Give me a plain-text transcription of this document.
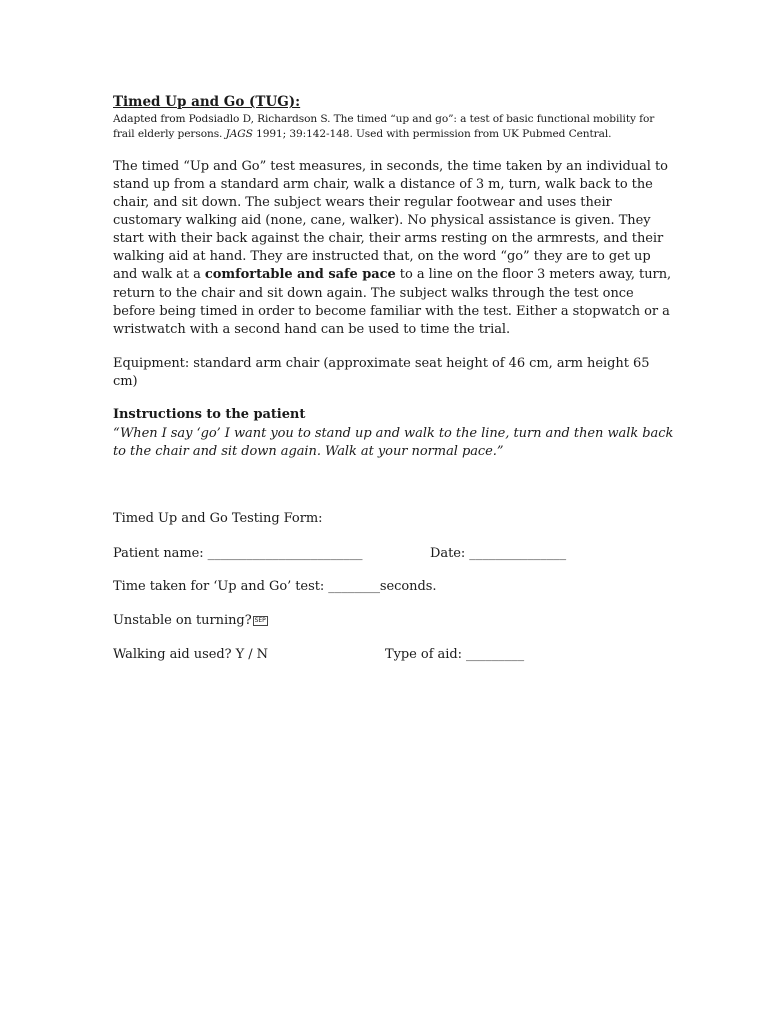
Timed Up and Go (TUG):
Adapted from Podsiadlo D, Richardson S. The timed “up and go”: a test of basic functional mobility for
frail elderly persons. JAGS 1991; 39:142-148. Used with permission from UK Pubmed Central.
The timed “Up and Go” test measures, in seconds, the time taken by an individual to
stand up from a standard arm chair, walk a distance of 3 m, turn, walk back to the
chair, and sit down. The subject wears their regular footwear and uses their
customary walking aid (none, cane, walker). No physical assistance is given. They
start with their back against the chair, their arms resting on the armrests, and their
walking aid at hand. They are instructed that, on the word “go” they are to get up
and walk at a comfortable and safe pace to a line on the floor 3 meters away, turn,
return to the chair and sit down again. The subject walks through the test once
before being timed in order to become familiar with the test. Either a stopwatch or a
wristwatch with a second hand can be used to time the trial.
Equipment: standard arm chair (approximate seat height of 46 cm, arm height 65
cm)
Instructions to the patient
“When I say ‘go’ I want you to stand up and walk to the line, turn and then walk back
to the chair and sit down again. Walk at your normal pace.”
Timed Up and Go Testing Form:
Patient name: ________________________	Date: _______________
Time taken for ‘Up and Go’ test: ________seconds.
Unstable on turning? SEP
Walking aid used? Y / N	Type of aid: _________
